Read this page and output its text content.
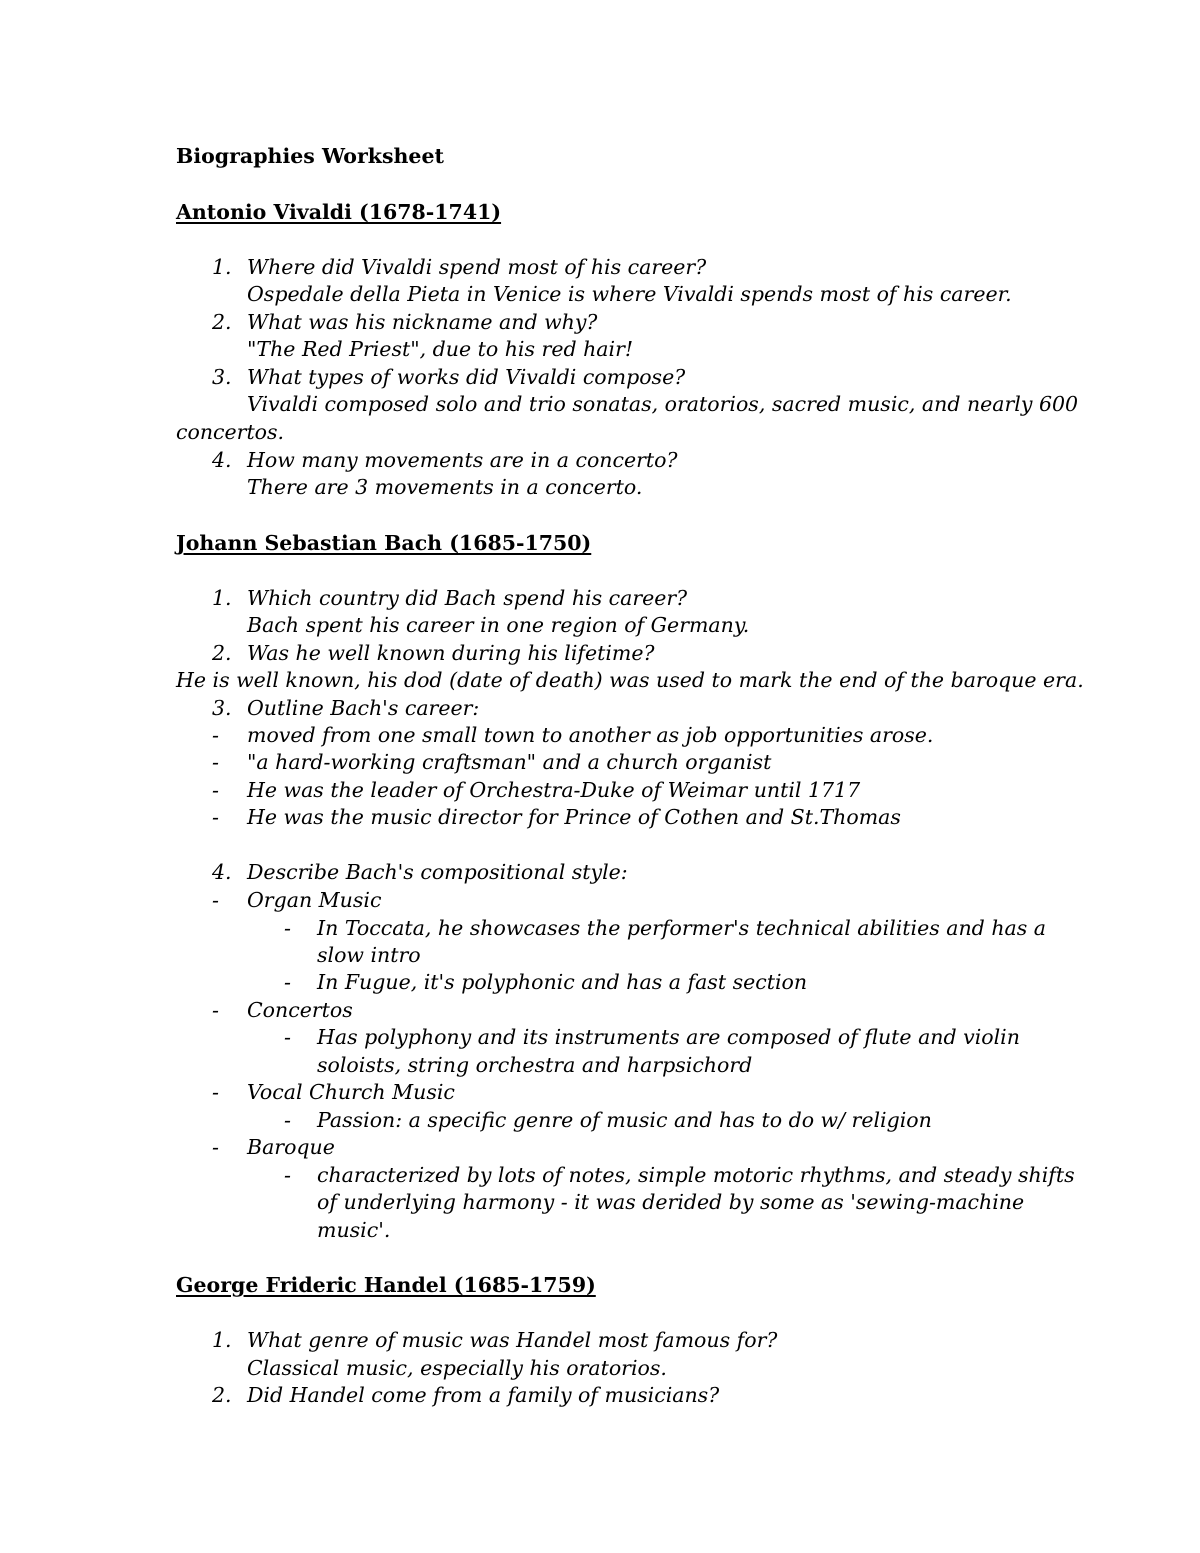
Biographies Worksheet
Antonio Vivaldi (1678-1741)
1. Where did Vivaldi spend most of his career?
Ospedale della Pieta in Venice is where Vivaldi spends most of his career.
2. What was his nickname and why?
"The Red Priest", due to his red hair!
3. What types of works did Vivaldi compose?
Vivaldi composed solo and trio sonatas, oratorios, sacred music, and nearly 600
concertos.
4. How many movements are in a concerto?
There are 3 movements in a concerto.
Johann Sebastian Bach (1685-1750)
1. Which country did Bach spend his career?
Bach spent his career in one region of Germany.
2. Was he well known during his lifetime?
He is well known, his dod (date of death) was used to mark the end of the baroque era.
3. Outline Bach's career:
- moved from one small town to another as job opportunities arose.
- "a hard-working craftsman" and a church organist
- He was the leader of Orchestra-Duke of Weimar until 1717
- He was the music director for Prince of Cothen and St.Thomas
4. Describe Bach's compositional style:
- Organ Music
- In Toccata, he showcases the performer's technical abilities and has a
slow intro
- In Fugue, it's polyphonic and has a fast section
- Concertos
- Has polyphony and its instruments are composed of flute and violin
soloists, string orchestra and harpsichord
- Vocal Church Music
- Passion: a specific genre of music and has to do w/ religion
- Baroque
- characterized by lots of notes, simple motoric rhythms, and steady shifts
of underlying harmony - it was derided by some as 'sewing-machine
music'.
George Frideric Handel (1685-1759)
1. What genre of music was Handel most famous for?
Classical music, especially his oratorios.
2. Did Handel come from a family of musicians?
